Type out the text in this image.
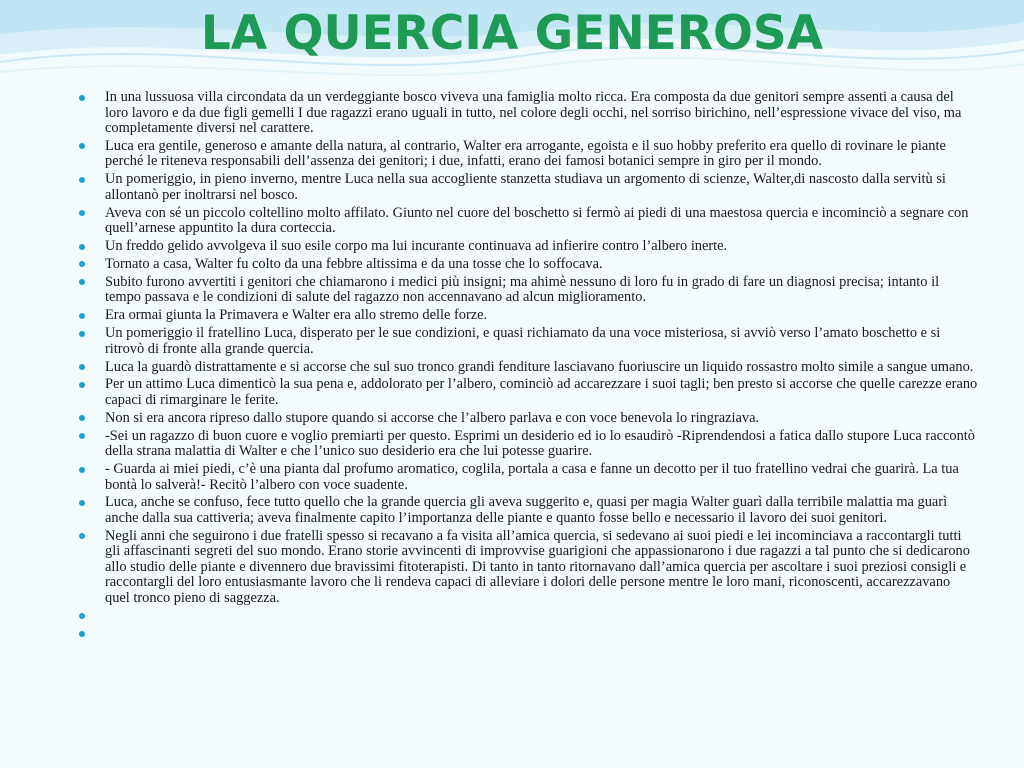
LA QUERCIA GENEROSA
In una lussuosa villa circondata da un verdeggiante bosco viveva una famiglia molto ricca. Era composta da due genitori sempre assenti a causa del loro lavoro e da due figli gemelli I due ragazzi erano uguali in tutto, nel colore degli occhi, nel sorriso birichino, nell’espressione vivace del viso, ma completamente diversi nel carattere.
Luca era gentile, generoso e amante della natura, al contrario, Walter era arrogante, egoista e il suo hobby preferito era quello di rovinare le piante perché le riteneva responsabili dell’assenza dei genitori; i due, infatti, erano dei famosi botanici sempre in giro per il mondo.
Un pomeriggio, in pieno inverno, mentre Luca nella sua accogliente stanzetta studiava un argomento di scienze, Walter,di nascosto dalla servitù si allontanò per inoltrarsi nel bosco.
Aveva con sé un piccolo coltellino molto affilato. Giunto nel cuore del boschetto si fermò ai piedi di una maestosa quercia e incominciò a segnare con quell’arnese appuntito la dura corteccia.
Un freddo gelido avvolgeva il suo esile corpo ma lui incurante continuava ad infierire contro l’albero inerte.
Tornato a casa, Walter fu colto da una febbre altissima e da una tosse che lo soffocava.
Subito furono avvertiti i genitori che chiamarono i medici più insigni; ma ahimè nessuno di loro fu in grado di fare un diagnosi precisa; intanto il tempo passava e le condizioni di salute del ragazzo non accennavano ad alcun miglioramento.
Era ormai giunta la Primavera e Walter era allo stremo delle forze.
Un pomeriggio il fratellino Luca, disperato per le sue condizioni, e quasi richiamato da una voce misteriosa, si avviò verso l’amato boschetto e si ritrovò di fronte alla grande quercia.
Luca la guardò distrattamente e si accorse che sul suo tronco grandi fenditure lasciavano fuoriuscire un liquido rossastro molto simile a sangue umano.
Per un attimo Luca dimenticò la sua pena e, addolorato per l’albero, cominciò ad accarezzare i suoi tagli; ben presto si accorse che quelle carezze erano capaci di rimarginare le ferite.
Non si era ancora ripreso dallo stupore quando si accorse che l’albero parlava e con voce benevola lo ringraziava.
-Sei un ragazzo di buon cuore e voglio premiarti per questo. Esprimi un desiderio ed io lo esaudirò -Riprendendosi a fatica dallo stupore Luca raccontò della strana malattia di Walter e che l’unico suo desiderio era che lui potesse guarire.
- Guarda ai miei piedi, c’è una pianta dal profumo aromatico, coglila, portala a casa e fanne un decotto per il tuo fratellino vedrai che guarirà. La tua bontà lo salverà!- Recitò l’albero con voce suadente.
Luca, anche se confuso, fece tutto quello che la grande quercia gli aveva suggerito e, quasi per magia Walter guarì dalla terribile malattia ma guarì anche dalla sua cattiveria; aveva finalmente capito l’importanza delle piante e quanto fosse bello e necessario il lavoro dei suoi genitori.
Negli anni che seguirono i due fratelli spesso si recavano a fa visita all’amica quercia, si sedevano ai suoi piedi e lei incominciava a raccontargli tutti gli affascinanti segreti del suo mondo. Erano storie avvincenti di improvvise guarigioni che appassionarono i due ragazzi a tal punto che si dedicarono allo studio delle piante e divennero due bravissimi fitoterapisti. Di tanto in tanto ritornavano dall’amica quercia per ascoltare i suoi preziosi consigli e raccontargli del loro entusiasmante lavoro che li rendeva capaci di alleviare i dolori delle persone mentre le loro mani, riconoscenti, accarezzavano quel tronco pieno di saggezza.
